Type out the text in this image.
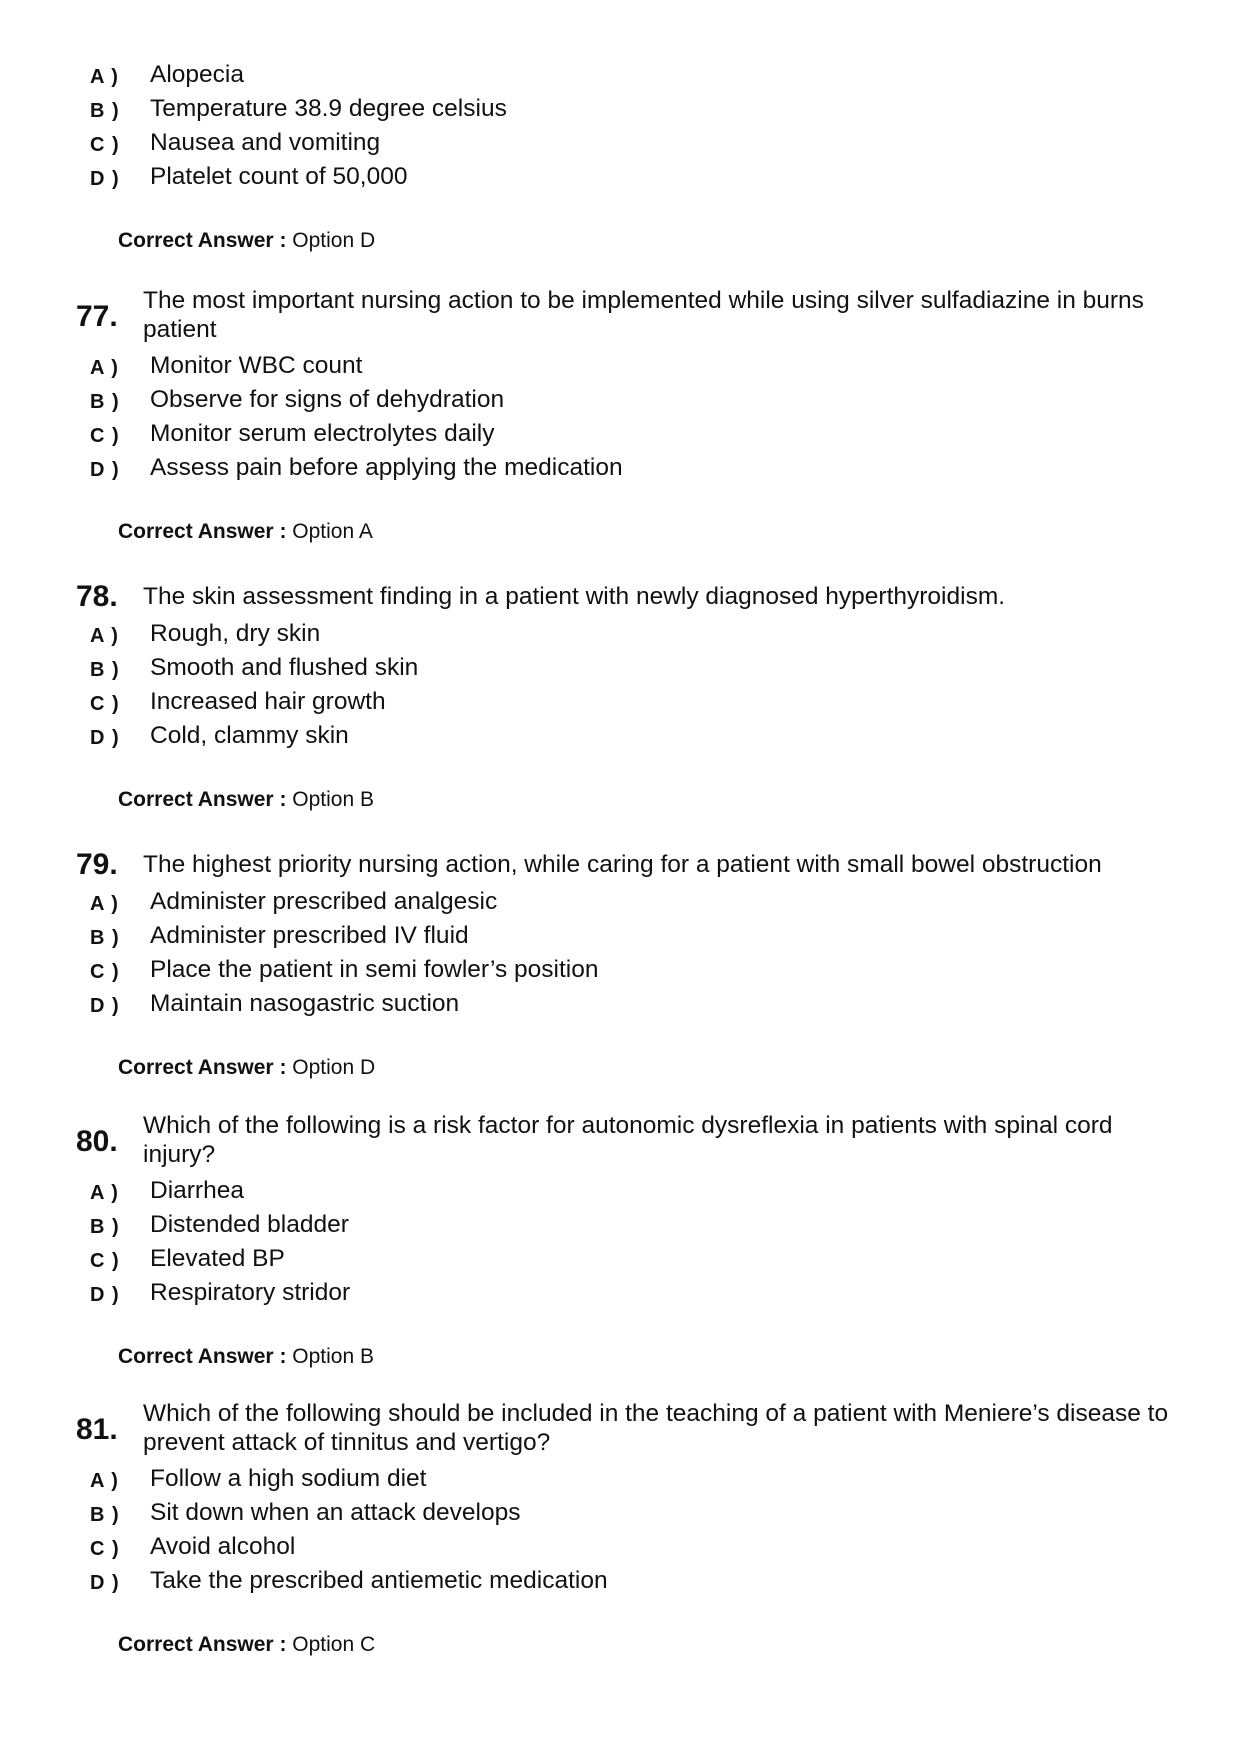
A ) Alopecia
B ) Temperature 38.9 degree celsius
C ) Nausea and vomiting
D ) Platelet count of 50,000
Correct Answer : Option D
77. The most important nursing action to be implemented while using silver sulfadiazine in burns patient
A ) Monitor WBC count
B ) Observe for signs of dehydration
C ) Monitor serum electrolytes daily
D ) Assess pain before applying the medication
Correct Answer : Option A
78. The skin assessment finding in a patient with newly diagnosed hyperthyroidism.
A ) Rough, dry skin
B ) Smooth and flushed skin
C ) Increased hair growth
D ) Cold, clammy skin
Correct Answer : Option B
79. The highest priority nursing action, while caring for a patient with small bowel obstruction
A ) Administer prescribed analgesic
B ) Administer prescribed IV fluid
C ) Place the patient in semi fowler’s position
D ) Maintain nasogastric suction
Correct Answer : Option D
80. Which of the following is a risk factor for autonomic dysreflexia in patients with spinal cord injury?
A ) Diarrhea
B ) Distended bladder
C ) Elevated BP
D ) Respiratory stridor
Correct Answer : Option B
81. Which of the following should be included in the teaching of a patient with Meniere’s disease to prevent attack of tinnitus and vertigo?
A ) Follow a high sodium diet
B ) Sit down when an attack develops
C ) Avoid alcohol
D ) Take the prescribed antiemetic medication
Correct Answer : Option C
